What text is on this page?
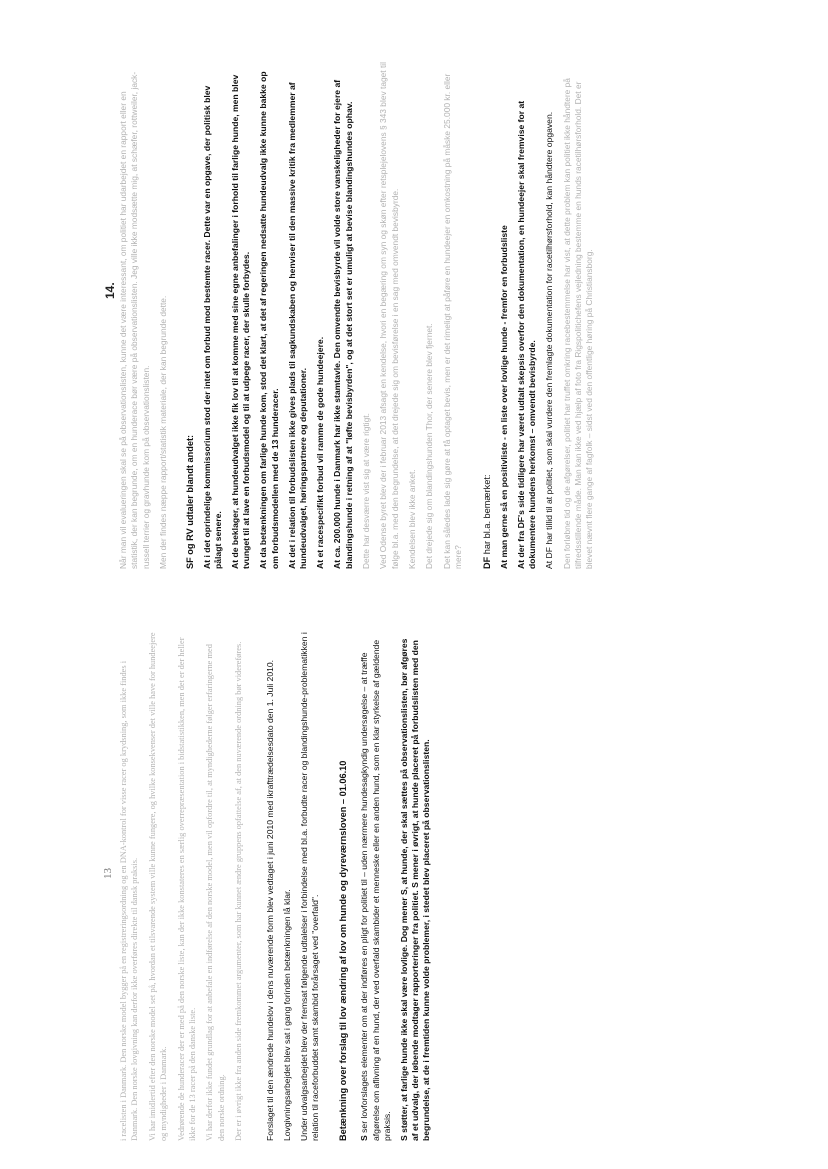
13
14.

i racelisten i Danmark. Den norske model bygger på en registreringsordning og en DNA-kontrol for visse racer og krydsning, som ikke findes i Danmark. Den norske lovgivning kan derfor ikke overføres direkte til dansk praksis. Vi har imidlertid efter den norske model set på, hvordan et tilsvarende system ville kunne fungere, og hvilke konsekvenser det ville have for hundeejere og myndigheder i Danmark. Vedrørende de hunderacer der er med på den norske liste, kan der ikke konstateres en særlig overrepræsentation i bidstatistikken, men det er der heller ikke for de 13 racer på den danske liste. Vi har derfor ikke fundet grundlag for at anbefale en indførelse af den norske model, men vil opfordre til, at myndighederne følger erfaringerne med den norske ordning. Der er i øvrigt ikke fra anden side fremkommet argumenter, som har kunnet ændre gruppens opfattelse af, at den nuværende ordning bør videreføres. Forslaget til den ændrede hundelov i dens nuværende form blev vedtaget i juni 2010 med ikrafttrædelsesdato den 1. Juli 2010. Lovgivningsarbejdet blev sat i gang forinden betænkningen lå klar. Under udvalgsarbejdet blev der fremsat følgende udtalelser i forbindelse med bl.a. forbudte racer og blandingshunde-problematikken i relation til raceforbuddet samt skambid forårsaget ved "overfald". Betænkning over forslag til lov ændring af lov om hunde og dyreværnsloven – 01.06.10 S ser lovforslagets elementer om at der indføres en pligt for politiet til – uden nærmere hundesagkyndig undersøgelse – at træffe afgørelse om aflivning af en hund, der ved overfald skambider et menneske eller en anden hund, som en klar styrkelse af gældende praksis. S støtter, at farlige hunde ikke skal være lovlige. Dog mener S, at hunde, der skal sættes på observationslisten, bør afgøres af et udvalg, der løbende modtager rapporteringer fra politiet. S mener i øvrigt, at hunde placeret på forbudslisten med den begrundelse, at de i fremtiden kunne volde problemer, i stedet blev placeret på observationslisten.

Når man vil evalueringen skal se på observationslisten, kunne det være interessant, om politiet har udarbejdet en rapport eller en statistik, der kan begrunde, om en hunderace bør være på observationslisten. Jeg ville ikke modsætte mig, at schæfer, rottweiler, jack-russell terrier og gravhunde kom på observationslisten. Men der findes næppe rapport/statistik materiale, der kan begrunde dette. SF og RV udtaler blandt andet: At i det oprindelige kommissorium stod der intet om forbud mod bestemte racer. Dette var en opgave, der politisk blev pålagt senere. At de beklager, at hundeudvalget ikke fik lov til at komme med sine egne anbefalinger i forhold til farlige hunde, men blev tvunget til at lave en forbudsmodel og til at udpege racer, der skulle forbydes. At da betænkningen om farlige hunde kom, stod det klart, at det af regeringen nedsatte hundeudvalg ikke kunne bakke op om forbudsmodellen med de 13 hunderacer. At det i relation til forbudslisten ikke gives plads til sagkundskaben og henviser til den massive kritik fra medlemmer af hundeudvalget, høringspartnere og deputationer. At et racespecifikt forbud vil ramme de gode hundeejere. At ca. 200.000 hunde i Danmark har ikke stamtavle. Den omvendte bevisbyrde vil volde store vanskeligheder for ejere af blandingshunde i retning af at "løfte bevisbyrden", og at det stort set er umuligt at bevise blandingshundes ophav. Dette har desværre vist sig at være rigtigt. Ved Odense byret blev der i februar 2013 afsagt en kendelse, hvori en begæring om syn og skøn efter retsplejelovens § 343 blev taget til følge bl.a. med den begrundelse, at det drejede sig om bevisførelse i en sag med omvendt bevisbyrde. Kendelsen blev ikke anket. Det drejede sig om blandingshunden Thor, der senere blev fjernet. Det kan således lade sig gøre at få optaget bevis, men er det rimeligt at påføre en hundeejer en omkostning på måske 25.000 kr. eller mere? DF har bl.a. bemærket: At man gerne så en positivliste - en liste over lovlige hunde - fremfor en forbudsliste At der fra DF's side tidligere har været udtalt skepsis overfor den dokumentation, en hundeejer skal fremvise for at dokumentere hundens herkomst – omvendt bevisbyrde. At DF har tillid til at politiet, som skal vurdere den fremlagte dokumentation for racetilhørsforhold, kan håndtere opgaven. Den forløbne tid og de afgørelser, politiet har truffet omkring racebestemmelse har vist, at dette problem kan politiet ikke håndtere på tilfredsstillende måde. Man kan ikke ved hjælp af foto fra Rigspolitichefens vejledning bestemme en hunds racetilhørsforhold. Det er blevet nævnt flere gange af fagfolk – sidst ved den offentlige høring på Christiansborg.
